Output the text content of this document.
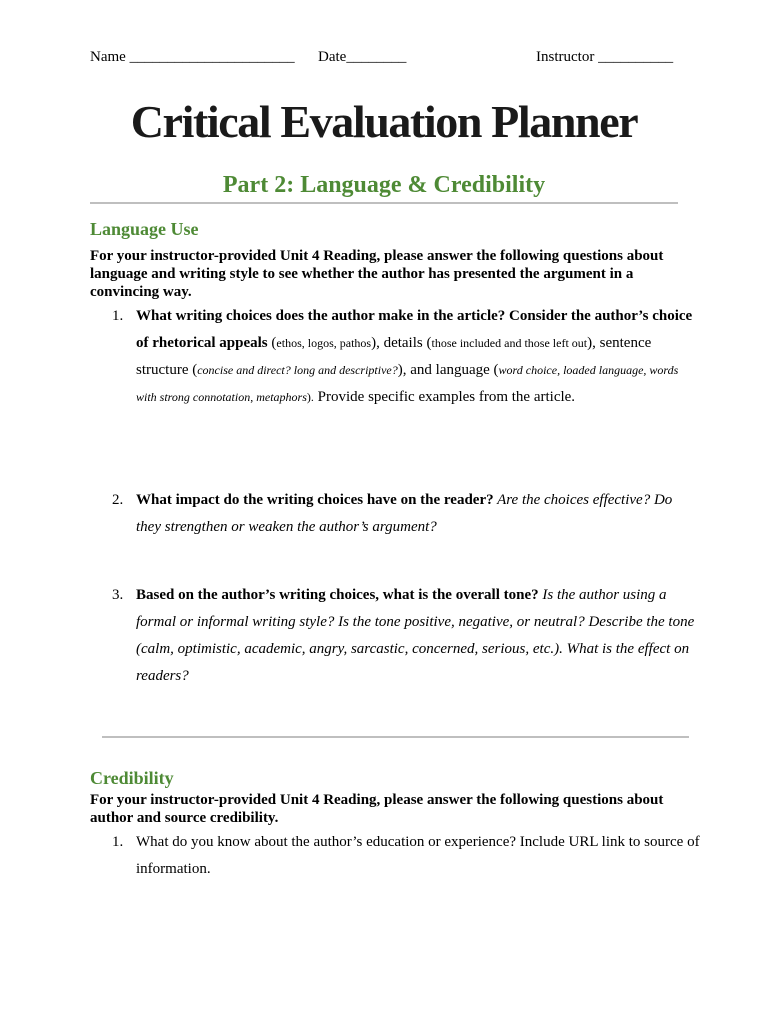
Name ______________________ Date________	Instructor __________
Critical Evaluation Planner
Part 2: Language & Credibility
Language Use

For your instructor-provided Unit 4 Reading, please answer the following questions about language and writing style to see whether the author has presented the argument in a convincing way.

1. What writing choices does the author make in the article? Consider the author’s choice of rhetorical appeals (ethos, logos, pathos), details (those included and those left out), sentence structure (concise and direct? long and descriptive?), and language (word choice, loaded language, words with strong connotation, metaphors). Provide specific examples from the article.
2. What impact do the writing choices have on the reader? Are the choices effective? Do they strengthen or weaken the author’s argument?
3. Based on the author’s writing choices, what is the overall tone? Is the author using a formal or informal writing style? Is the tone positive, negative, or neutral? Describe the tone (calm, optimistic, academic, angry, sarcastic, concerned, serious, etc.). What is the effect on readers?
Credibility

For your instructor-provided Unit 4 Reading, please answer the following questions about author and source credibility.

1. What do you know about the author’s education or experience? Include URL link to source of information.
